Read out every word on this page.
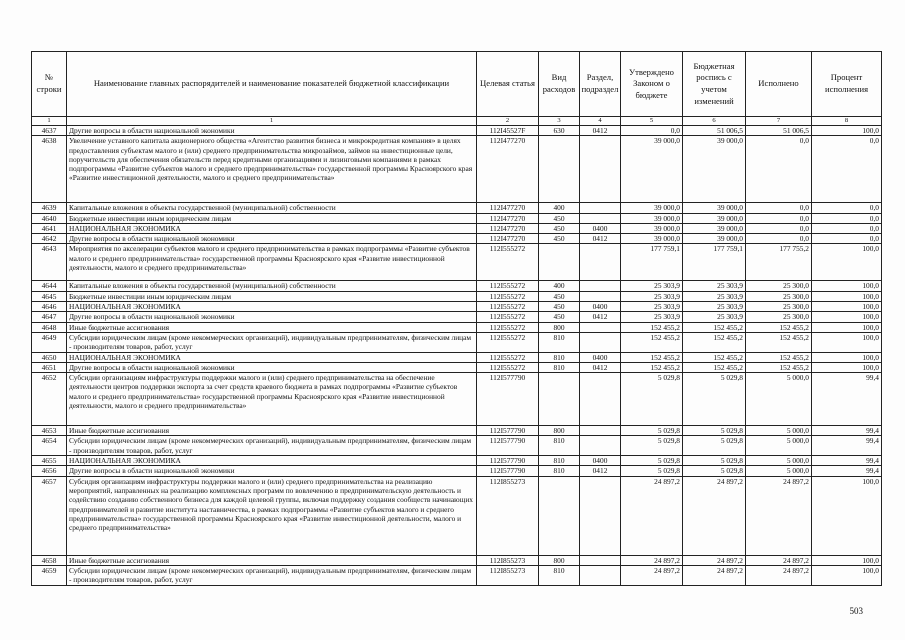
№ строки	Наименование главных распорядителей и наименование показателей бюджетной классификации	Целевая статья	Вид расходов	Раздел, подраздел	Утверждено Законом о бюджете	Бюджетная роспись с учетом изменений	Исполнено	Процент исполнения
1	1	2	3	4	5	6	7	8
4637	Другие вопросы в области национальной экономики	112I45527F	630	0412	0,0	51 006,5	51 006,5	100,0
4638	Увеличение уставного капитала акционерного общества «Агентство развития бизнеса и микрокредитная компания» в целях предоставления субъектам малого и (или) среднего предпринимательства микрозаймов, займов на инвестиционные цели, поручительств для обеспечения обязательств перед кредитными организациями и лизинговыми компаниями в рамках подпрограммы «Развитие субъектов малого и среднего предпринимательства» государственной программы Красноярского края «Развитие инвестиционной деятельности, малого и среднего предпринимательства»	112I477270			39 000,0	39 000,0	0,0	0,0
4639	Капитальные вложения в объекты государственной (муниципальной) собственности	112I477270	400		39 000,0	39 000,0	0,0	0,0
4640	Бюджетные инвестиции иным юридическим лицам	112I477270	450		39 000,0	39 000,0	0,0	0,0
4641	НАЦИОНАЛЬНАЯ ЭКОНОМИКА	112I477270	450	0400	39 000,0	39 000,0	0,0	0,0
4642	Другие вопросы в области национальной экономики	112I477270	450	0412	39 000,0	39 000,0	0,0	0,0
4643	Мероприятия по акселерации субъектов малого и среднего предпринимательства в рамках подпрограммы «Развитие субъектов малого и среднего предпринимательства» государственной программы Красноярского края «Развитие инвестиционной деятельности, малого и среднего предпринимательства»	112I555272			177 759,1	177 759,1	177 755,2	100,0
4644	Капитальные вложения в объекты государственной (муниципальной) собственности	112I555272	400		25 303,9	25 303,9	25 300,0	100,0
4645	Бюджетные инвестиции иным юридическим лицам	112I555272	450		25 303,9	25 303,9	25 300,0	100,0
4646	НАЦИОНАЛЬНАЯ ЭКОНОМИКА	112I555272	450	0400	25 303,9	25 303,9	25 300,0	100,0
4647	Другие вопросы в области национальной экономики	112I555272	450	0412	25 303,9	25 303,9	25 300,0	100,0
4648	Иные бюджетные ассигнования	112I555272	800		152 455,2	152 455,2	152 455,2	100,0
4649	Субсидии юридическим лицам (кроме некоммерческих организаций), индивидуальным предпринимателям, физическим лицам - производителям товаров, работ, услуг	112I555272	810		152 455,2	152 455,2	152 455,2	100,0
4650	НАЦИОНАЛЬНАЯ ЭКОНОМИКА	112I555272	810	0400	152 455,2	152 455,2	152 455,2	100,0
4651	Другие вопросы в области национальной экономики	112I555272	810	0412	152 455,2	152 455,2	152 455,2	100,0
4652	Субсидии организациям инфраструктуры поддержки малого и (или) среднего предпринимательства на обеспечение деятельности центров поддержки экспорта за счет средств краевого бюджета в рамках подпрограммы «Развитие субъектов малого и среднего предпринимательства» государственной программы Красноярского края «Развитие инвестиционной деятельности, малого и среднего предпринимательства»	112I577790			5 029,8	5 029,8	5 000,0	99,4
4653	Иные бюджетные ассигнования	112I577790	800		5 029,8	5 029,8	5 000,0	99,4
4654	Субсидии юридическим лицам (кроме некоммерческих организаций), индивидуальным предпринимателям, физическим лицам - производителям товаров, работ, услуг	112I577790	810		5 029,8	5 029,8	5 000,0	99,4
4655	НАЦИОНАЛЬНАЯ ЭКОНОМИКА	112I577790	810	0400	5 029,8	5 029,8	5 000,0	99,4
4656	Другие вопросы в области национальной экономики	112I577790	810	0412	5 029,8	5 029,8	5 000,0	99,4
4657	Субсидия организациям инфраструктуры поддержки малого и (или) среднего предпринимательства на реализацию мероприятий, направленных на реализацию комплексных программ по вовлечению в предпринимательскую деятельность и содействию созданию собственного бизнеса для каждой целевой группы, включая поддержку создания сообществ начинающих предпринимателей и развитие института наставничества, в рамках подпрограммы «Развитие субъектов малого и среднего предпринимательства» государственной программы Красноярского края «Развитие инвестиционной деятельности, малого и среднего предпринимательства»	112I855273			24 897,2	24 897,2	24 897,2	100,0
4658	Иные бюджетные ассигнования	112I855273	800		24 897,2	24 897,2	24 897,2	100,0
4659	Субсидии юридическим лицам (кроме некоммерческих организаций), индивидуальным предпринимателям, физическим лицам - производителям товаров, работ, услуг	112I855273	810		24 897,2	24 897,2	24 897,2	100,0
503
